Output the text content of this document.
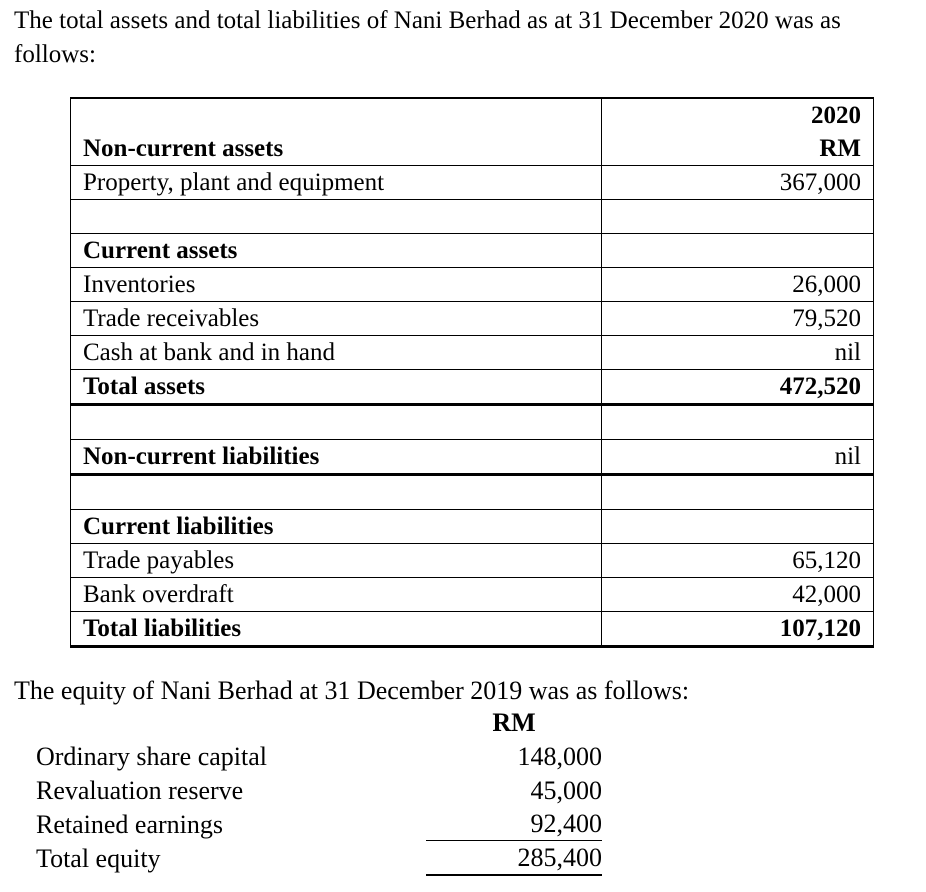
The total assets and total liabilities of Nani Berhad as at 31 December 2020 was as follows:

	2020
Non-current assets	RM
Property, plant and equipment	367,000

Current assets	
Inventories	26,000
Trade receivables	79,520
Cash at bank and in hand	nil
Total assets	472,520

Non-current liabilities	nil

Current liabilities	
Trade payables	65,120
Bank overdraft	42,000
Total liabilities	107,120

The equity of Nani Berhad at 31 December 2019 was as follows:

RM
Ordinary share capital	148,000
Revaluation reserve	45,000
Retained earnings	92,400
Total equity	285,400
